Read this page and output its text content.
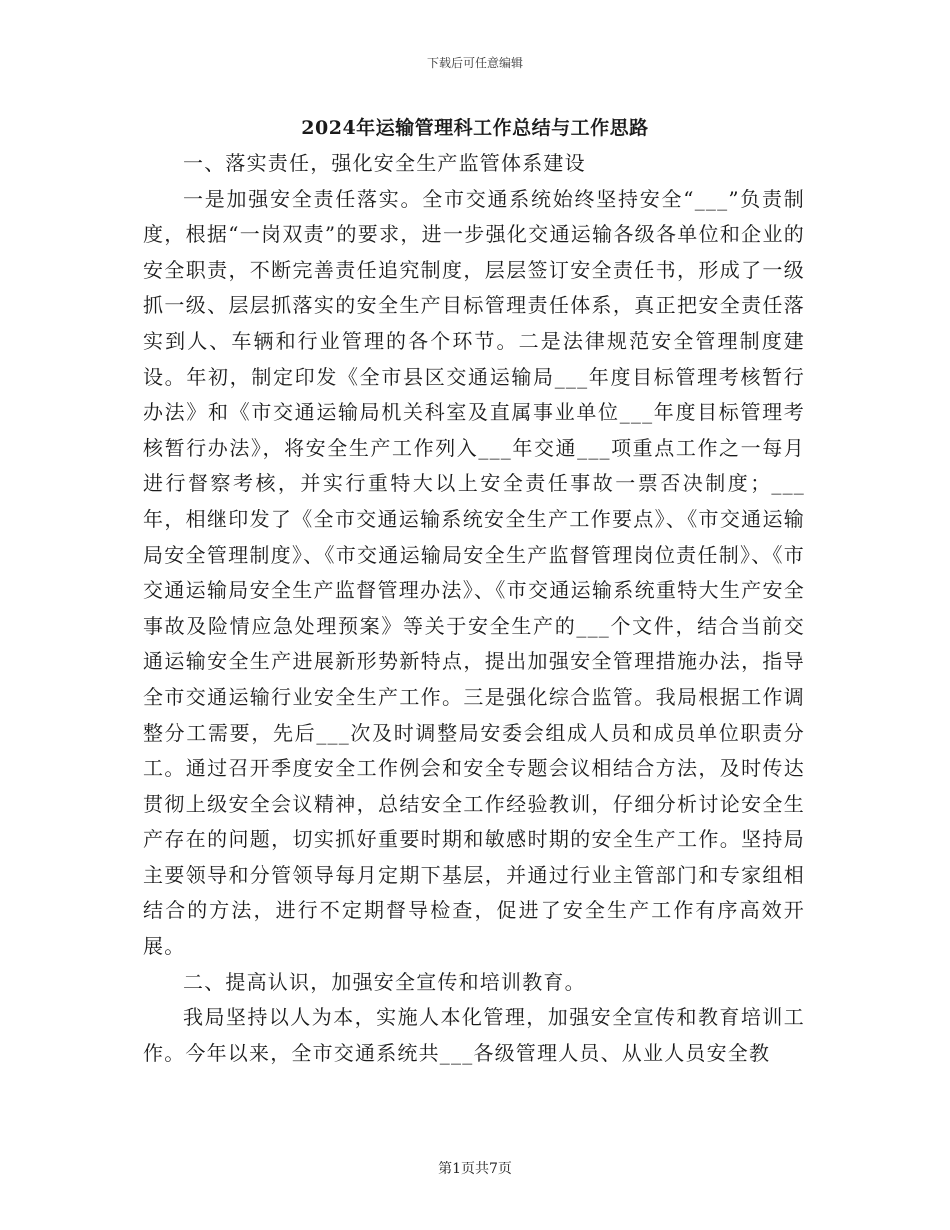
下载后可任意编辑
2024年运输管理科工作总结与工作思路

一、落实责任，强化安全生产监管体系建设

一是加强安全责任落实。全市交通系统始终坚持安全“___”负责制度，根据“一岗双责”的要求，进一步强化交通运输各级各单位和企业的安全职责，不断完善责任追究制度，层层签订安全责任书，形成了一级抓一级、层层抓落实的安全生产目标管理责任体系，真正把安全责任落实到人、车辆和行业管理的各个环节。二是法律规范安全管理制度建设。年初，制定印发《全市县区交通运输局___年度目标管理考核暂行办法》和《市交通运输局机关科室及直属事业单位___年度目标管理考核暂行办法》，将安全生产工作列入___年交通___项重点工作之一每月进行督察考核，并实行重特大以上安全责任事故一票否决制度；___年，相继印发了《全市交通运输系统安全生产工作要点》、《市交通运输局安全管理制度》、《市交通运输局安全生产监督管理岗位责任制》、《市交通运输局安全生产监督管理办法》、《市交通运输系统重特大生产安全事故及险情应急处理预案》等关于安全生产的___个文件，结合当前交通运输安全生产进展新形势新特点，提出加强安全管理措施办法，指导全市交通运输行业安全生产工作。三是强化综合监管。我局根据工作调整分工需要，先后___次及时调整局安委会组成人员和成员单位职责分工。通过召开季度安全工作例会和安全专题会议相结合方法，及时传达贯彻上级安全会议精神，总结安全工作经验教训，仔细分析讨论安全生产存在的问题，切实抓好重要时期和敏感时期的安全生产工作。坚持局主要领导和分管领导每月定期下基层，并通过行业主管部门和专家组相结合的方法，进行不定期督导检查，促进了安全生产工作有序高效开展。

二、提高认识，加强安全宣传和培训教育。

我局坚持以人为本，实施人本化管理，加强安全宣传和教育培训工作。今年以来，全市交通系统共___各级管理人员、从业人员安全教

第1页共7页
